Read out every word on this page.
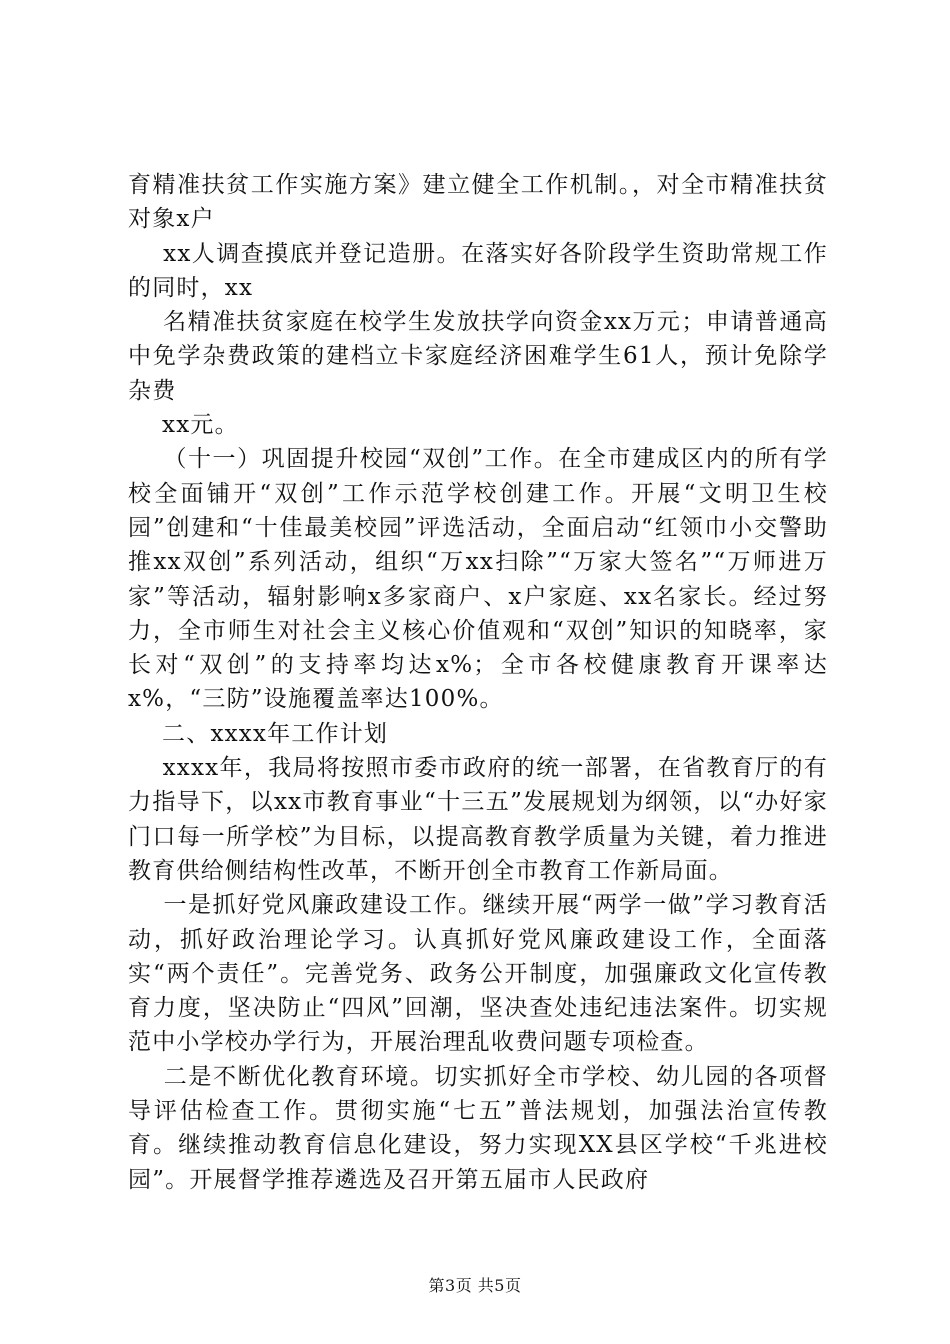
育精准扶贫工作实施方案》建立健全工作机制。，对全市精准扶贫对象x户

xx人调查摸底并登记造册。在落实好各阶段学生资助常规工作的同时，xx

名精准扶贫家庭在校学生发放扶学向资金xx万元；申请普通高中免学杂费政策的建档立卡家庭经济困难学生61人，预计免除学杂费

xx元。

（十一）巩固提升校园“双创”工作。在全市建成区内的所有学校全面铺开“双创”工作示范学校创建工作。开展“文明卫生校园”创建和“十佳最美校园”评选活动，全面启动“红领巾小交警助推xx双创”系列活动，组织“万xx扫除”“万家大签名”“万师进万家”等活动，辐射影响x多家商户、x户家庭、xx名家长。经过努力，全市师生对社会主义核心价值观和“双创”知识的知晓率，家长对“双创”的支持率均达x%；全市各校健康教育开课率达x%，“三防”设施覆盖率达100%。

二、xxxx年工作计划

xxxx年，我局将按照市委市政府的统一部署，在省教育厅的有力指导下，以xx市教育事业“十三五”发展规划为纲领，以“办好家门口每一所学校”为目标，以提高教育教学质量为关键，着力推进教育供给侧结构性改革，不断开创全市教育工作新局面。

一是抓好党风廉政建设工作。继续开展“两学一做”学习教育活动，抓好政治理论学习。认真抓好党风廉政建设工作，全面落实“两个责任”。完善党务、政务公开制度，加强廉政文化宣传教育力度，坚决防止“四风”回潮，坚决查处违纪违法案件。切实规范中小学校办学行为，开展治理乱收费问题专项检查。

二是不断优化教育环境。切实抓好全市学校、幼儿园的各项督导评估检查工作。贯彻实施“七五”普法规划，加强法治宣传教育。继续推动教育信息化建设，努力实现XX县区学校“千兆进校园”。开展督学推荐遴选及召开第五届市人民政府

第3页 共5页
